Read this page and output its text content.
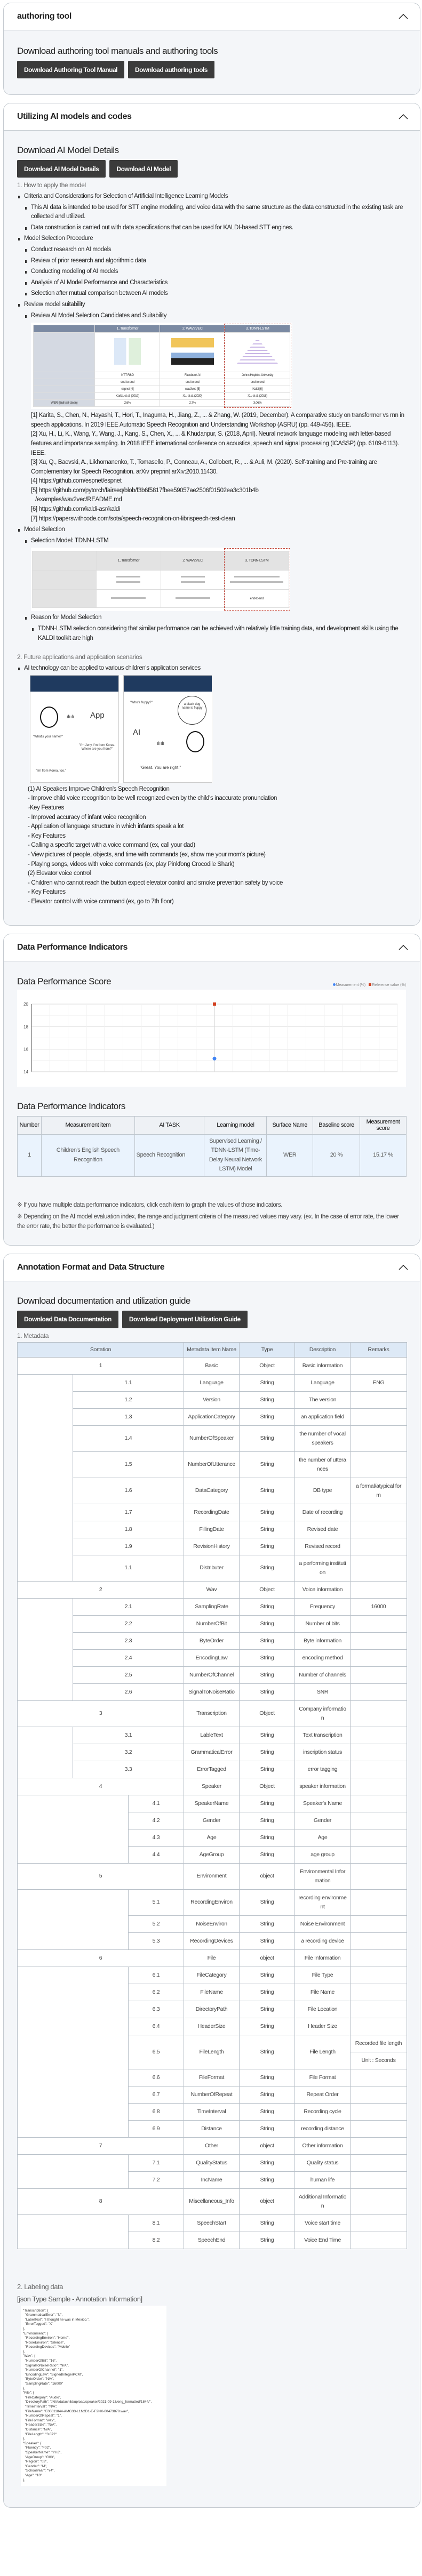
authoring tool
Download authoring tool manuals and authoring tools
Download Authoring Tool Manual	Download authoring tools
Utilizing AI models and codes
Download AI Model Details
Download AI Model Details	Download AI Model
1. How to apply the model
Criteria and Considerations for Selection of Artificial Intelligence Learning Models
This AI data is intended to be used for STT engine modeling, and voice data with the same structure as the data constructed in the existing task are collected and utilized.
Data construction is carried out with data specifications that can be used for KALDI-based STT engines.
Model Selection Procedure
Conduct research on AI models
Review of prior research and algorithmic data
Conducting modeling of AI models
Analysis of AI Model Performance and Characteristics
Selection after mutual comparison between AI models
Review model suitability
Review AI Model Selection Candidates and Suitability
	1, Transformer	2, WAV2VEC	3, TDNN-LSTM

	NTT R&D	Facebook AI	Johns Hopkins University
	end-to-end	end-to-end	end-to-end
	espnet [4]	wav2vec [5]	Kaldi [6]
	Karita, et al. (2019)	Xu, et al. (2020)	Xu, et al. (2018)
WER (Buil test-clean)	2.6%	2.7%	3.06%
[1] Karita, S., Chen, N., Hayashi, T., Hori, T., Inaguma, H., Jiang, Z., ... & Zhang, W. (2019, December). A comparative study on transformer vs rnn in speech applications. In 2019 IEEE Automatic Speech Recognition and Understanding Workshop (ASRU) (pp. 449-456). IEEE.
[2] Xu, H., Li, K., Wang, Y., Wang, J., Kang, S., Chen, X., ... & Khudanpur, S. (2018, April). Neural network language modeling with letter-based features and importance sampling. In 2018 IEEE international conference on acoustics, speech and signal processing (ICASSP) (pp. 6109-6113). IEEE.
[3] Xu, Q., Baevski, A., Likhomanenko, T., Tomasello, P., Conneau, A., Collobert, R., ... & Auli, M. (2020). Self-training and Pre-training are Complementary for Speech Recognition. arXiv preprint arXiv:2010.11430.
[4] https://github.com/espnet/espnet
[5] https://github.com/pytorch/fairseq/blob/f3b6f5817fbee59057ae2506f01502ea3c301b4b
/examples/wav2vec/README.md
[6] https://github.com/kaldi-asr/kaldi
[7] https://paperswithcode.com/sota/speech-recognition-on-librispeech-test-clean
Model Selection
Selection Model: TDNN-LSTM
	1, Transformer	2, WAV2VEC	3, TDNN-LSTM

			end-to-end
Reason for Model Selection
TDNN-LSTM selection considering that similar performance can be achieved with relatively little training data, and development skills using the KALDI toolkit are high
2. Future applications and application scenarios
AI technology can be applied to various children's application services
ılıılı App
"What's your name?"
"I'm Jeny. I'm from Korea. Where are you from?"
"I'm from Korea, too."
"Who's fluppy?"	a black dog name is fluppy
AI
ılıılı
"Great. You are right."
(1) AI Speakers Improve Children's Speech Recognition
- Improve child voice recognition to be well recognized even by the child's inaccurate pronunciation
◦Key Features
- Improved accuracy of infant voice recognition
- Application of language structure in which infants speak a lot
◦ Key Features
- Calling a specific target with a voice command (ex, call your dad)
- View pictures of people, objects, and time with commands (ex, show me your mom's picture)
- Playing songs, videos with voice commands (ex, play Pinkfong Crocodile Shark)
(2) Elevator voice control
- Children who cannot reach the button expect elevator control and smoke prevention safety by voice
◦ Key Features
- Elevator control with voice command (ex, go to 7th floor)
Data Performance Indicators
Data Performance Score	Measurement (%)	Reference value (%)
14
16
18
20
Data Performance Indicators
Number	Measurement item	AI TASK	Learning model	Surface Name	Baseline score	Measurement score
1	Children's English Speech Recognition	Speech Recognition	Supervised Learning / TDNN-LSTM (Time-Delay Neural Network LSTM) Model	WER	20 %	15.17 %
※ If you have multiple data performance indicators, click each item to graph the values of those indicators.
※ Depending on the AI model evaluation index, the range and judgment criteria of the measured values may vary. (ex. In the case of error rate, the lower the error rate, the better the performance is evaluated.)
Annotation Format and Data Structure
Download documentation and utilization guide
Download Data Documentation	Download Deployment Utilization Guide
1. Metadata
Sortation			Metadata Item Name	Type	Description	Remarks
1			Basic	Object	Basic information	
	1.1		Language	String	Language	ENG
	1.2		Version	String	The version	
	1.3		ApplicationCategory	String	an application field	
	1.4		NumberOfSpeaker	String	the number of vocal speakers	
	1.5		NumberOfUtterance	String	the number of utterances	
	1.6		DataCategory	String	DB type	a formal/atypical form
	1.7		RecordingDate	String	Date of recording	
	1.8		FillingDate	String	Revised date	
	1.9		RevisionHistory	String	Revised record	
	1.1		Distributer	String	a performing institution	
2			Wav	Object	Voice information	
	2.1		SamplingRate	String	Frequency	16000
	2.2		NumberOfBit	String	Number of bits	
	2.3		ByteOrder	String	Byte information	
	2.4		EncodingLaw	String	encoding method	
	2.5		NumberOfChannel	String	Number of channels	
	2.6		SignalToNoiseRatio	String	SNR	
3			Transcription	Object	Company information	
	3.1		LableText	String	Text transcription	
	3.2		GrammaticalError	String	inscription status	
	3.3		ErrorTagged	String	error tagging	
4			Speaker	Object	speaker information	
		4.1	SpeakerName	String	Speaker's Name	
		4.2	Gender	String	Gender	
		4.3	Age	String	Age	
		4.4	AgeGroup	String	age group	
5			Environment	object	Environmental Information	
		5.1	RecordingEnviron	String	recording environment	
		5.2	NoiseEnviron	String	Noise Environment	
		5.3	RecordingDevices	String	a recording device	
6			File	object	File Information	
		6.1	FileCategory	String	File Type	
		6.2	FileName	String	File Name	
		6.3	DirectoryPath	String	File Location	
		6.4	HeaderSize	String	Header Size	
		6.5	FileLength	String	File Length	Recorded file length
						Unit : Seconds
		6.6	FileFormat	String	File Format	
		6.7	NumberOfRepeat	String	Repeat Order	
		6.8	TimeInterval	String	Recording cycle	
		6.9	Distance	String	recording distance	
7			Other	object	Other information	
		7.1	QualityStatus	String	Quality status	
		7.2	IncName	String	human life	
8			Miscellaneous_Info	object	Additional Information	
		8.1	SpeechStart	String	Voice start time	
		8.2	SpeechEnd	String	Voice End Time	
2. Labeling data
[json Type Sample - Annotation Information]
"Transcription": {
"GrammaticalError": "N",
"LabelText": "I thought he was in Mexico.",
"ErrorTagged": "X"
},
"Environment": {
"RecordingEnviron": "Home",
"NoiseEnviron": "Silence",
"RecordingDevices": "Mobile"
},
"Wav": {
"NumberOfBit": "16",
"SignalToNoiseRatio": "N/A",
"NumberOfChannel": "1",
"EncodingLaw": "SignedIntegerPCM",
"ByteOrder": "N/A",
"SamplingRate": "16000"
},
"File": {
"FileCategory": "Audio",
"DirectoryPath": "/NIA/datachild/upload/speaker/2021-09-13/eng_formatted/1844/",
"TimeInterval": "N/A",
"FileName": "E00011844-AMG33-L1N2D1-E-F2NX-00473878.wav",
"NumberOfRepeat": "1",
"FileFormat": "wav",
"HeaderSize": "N/A",
"Distance": "N/A",
"FileLength": "3.072"
},
"Speaker": {
"Fluency": "F02",
"SpeakerName": "YHJ",
"AgeGroup": "G03",
"Region": "03",
"Gender": "M",
"SchoolYear": "Y4",
"Age": "10"
},
